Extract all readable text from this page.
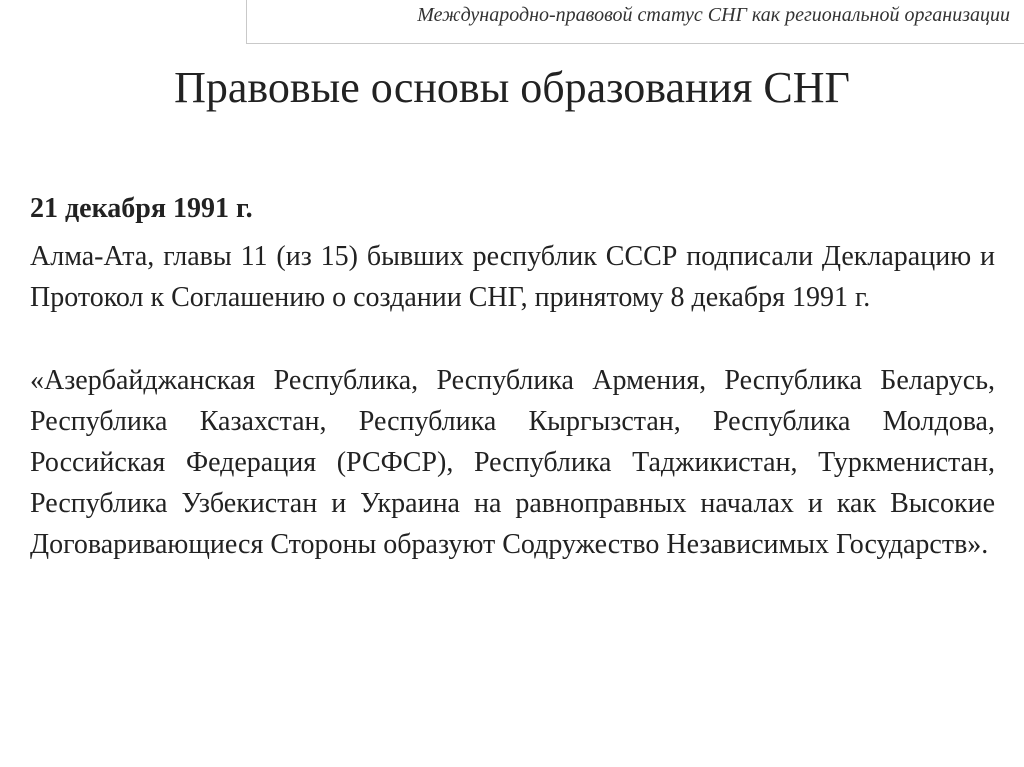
Международно-правовой статус СНГ как региональной организации
Правовые основы образования СНГ

21 декабря 1991 г.

Алма-Ата, главы 11 (из 15) бывших республик СССР подписали Декларацию и Протокол к Соглашению о создании СНГ, принятому 8 декабря 1991 г.

«Азербайджанская Республика, Республика Армения, Республика Беларусь, Республика Казахстан, Республика Кыргызстан, Республика Молдова, Российская Федерация (РСФСР), Республика Таджикистан, Туркменистан, Республика Узбекистан и Украина на равноправных началах и как Высокие Договаривающиеся Стороны образуют Содружество Независимых Государств».
